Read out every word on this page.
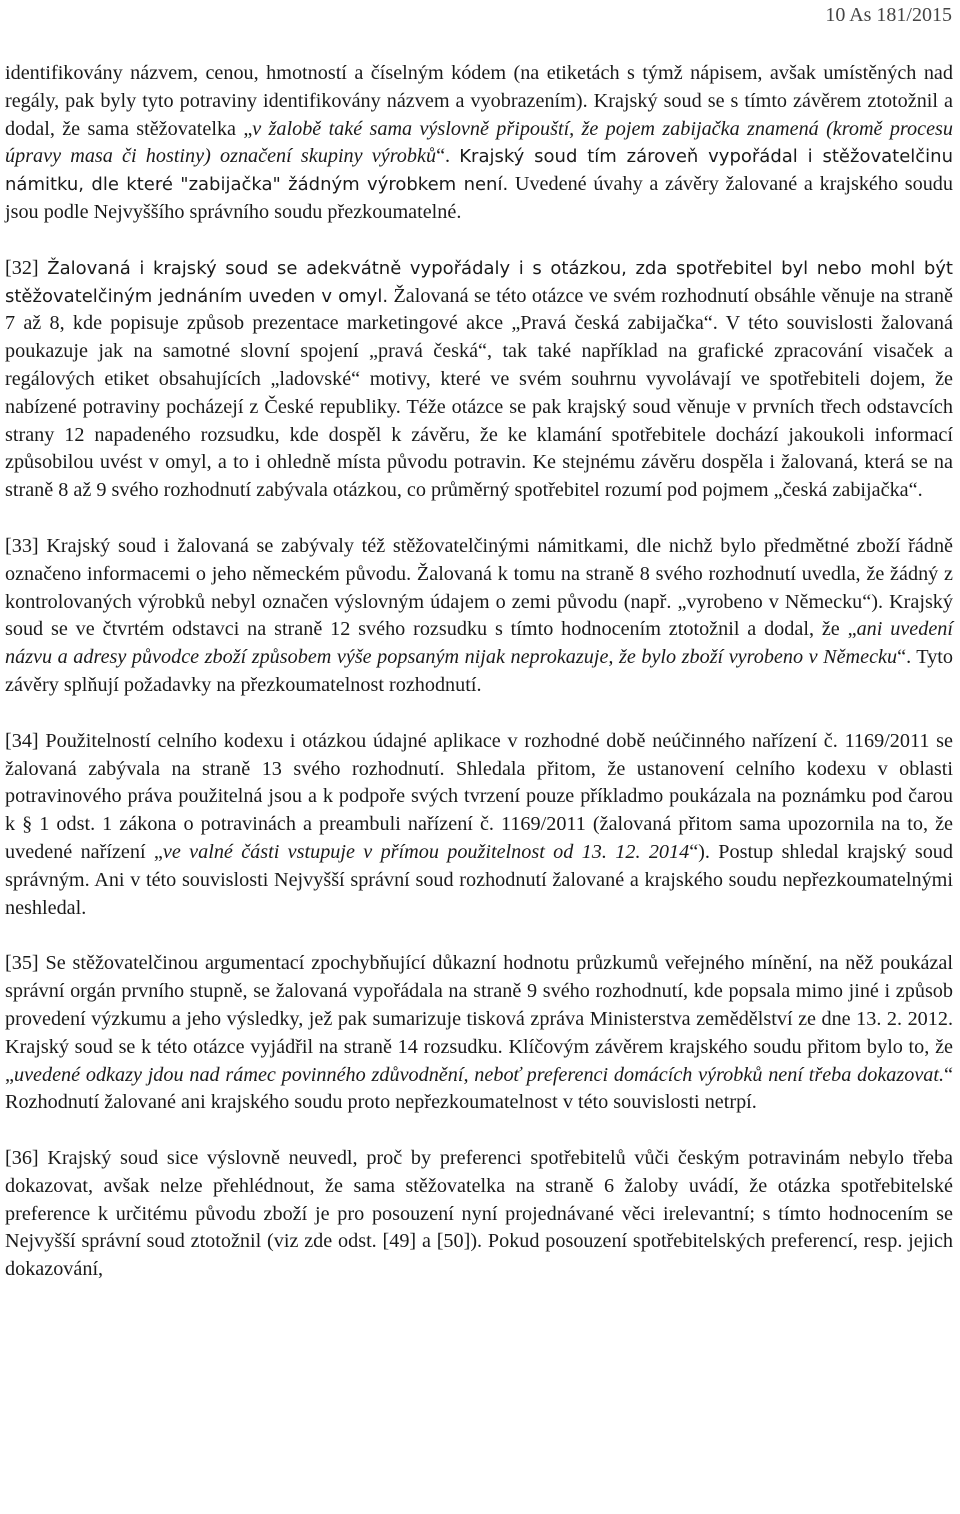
10 As 181/2015

identifikovány názvem, cenou, hmotností a číselným kódem (na etiketách s týmž nápisem, avšak umístěných nad regály, pak byly tyto potraviny identifikovány názvem a vyobrazením). Krajský soud se s tímto závěrem ztotožnil a dodal, že sama stěžovatelka „v žalobě také sama výslovně připouští, že pojem zabijačka znamená (kromě procesu úpravy masa či hostiny) označení skupiny výrobků“. Krajský soud tím zároveň vypořádal i stěžovatelčinu námitku, dle které "zabijačka" žádným výrobkem není. Uvedené úvahy a závěry žalované a krajského soudu jsou podle Nejvyššího správního soudu přezkoumatelné.

[32] Žalovaná i krajský soud se adekvátně vypořádaly i s otázkou, zda spotřebitel byl nebo mohl být stěžovatelčiným jednáním uveden v omyl. Žalovaná se této otázce ve svém rozhodnutí obsáhle věnuje na straně 7 až 8, kde popisuje způsob prezentace marketingové akce „Pravá česká zabijačka“. V této souvislosti žalovaná poukazuje jak na samotné slovní spojení „pravá česká“, tak také například na grafické zpracování visaček a regálových etiket obsahujících „ladovské“ motivy, které ve svém souhrnu vyvolávají ve spotřebiteli dojem, že nabízené potraviny pocházejí z České republiky. Téže otázce se pak krajský soud věnuje v prvních třech odstavcích strany 12 napadeného rozsudku, kde dospěl k závěru, že ke klamání spotřebitele dochází jakoukoli informací způsobilou uvést v omyl, a to i ohledně místa původu potravin. Ke stejnému závěru dospěla i žalovaná, která se na straně 8 až 9 svého rozhodnutí zabývala otázkou, co průměrný spotřebitel rozumí pod pojmem „česká zabijačka“.

[33] Krajský soud i žalovaná se zabývaly též stěžovatelčinými námitkami, dle nichž bylo předmětné zboží řádně označeno informacemi o jeho německém původu. Žalovaná k tomu na straně 8 svého rozhodnutí uvedla, že žádný z kontrolovaných výrobků nebyl označen výslovným údajem o zemi původu (např. „vyrobeno v Německu“). Krajský soud se ve čtvrtém odstavci na straně 12 svého rozsudku s tímto hodnocením ztotožnil a dodal, že „ani uvedení názvu a adresy původce zboží způsobem výše popsaným nijak neprokazuje, že bylo zboží vyrobeno v Německu“. Tyto závěry splňují požadavky na přezkoumatelnost rozhodnutí.

[34] Použitelností celního kodexu i otázkou údajné aplikace v rozhodné době neúčinného nařízení č. 1169/2011 se žalovaná zabývala na straně 13 svého rozhodnutí. Shledala přitom, že ustanovení celního kodexu v oblasti potravinového práva použitelná jsou a k podpoře svých tvrzení pouze příkladmo poukázala na poznámku pod čarou k § 1 odst. 1 zákona o potravinách a preambuli nařízení č. 1169/2011 (žalovaná přitom sama upozornila na to, že uvedené nařízení „ve valné části vstupuje v přímou použitelnost od 13. 12. 2014“). Postup shledal krajský soud správným. Ani v této souvislosti Nejvyšší správní soud rozhodnutí žalované a krajského soudu nepřezkoumatelnými neshledal.

[35] Se stěžovatelčinou argumentací zpochybňující důkazní hodnotu průzkumů veřejného mínění, na něž poukázal správní orgán prvního stupně, se žalovaná vypořádala na straně 9 svého rozhodnutí, kde popsala mimo jiné i způsob provedení výzkumu a jeho výsledky, jež pak sumarizuje tisková zpráva Ministerstva zemědělství ze dne 13. 2. 2012. Krajský soud se k této otázce vyjádřil na straně 14 rozsudku. Klíčovým závěrem krajského soudu přitom bylo to, že „uvedené odkazy jdou nad rámec povinného zdůvodnění, neboť preferenci domácích výrobků není třeba dokazovat.“ Rozhodnutí žalované ani krajského soudu proto nepřezkoumatelnost v této souvislosti netrpí.

[36] Krajský soud sice výslovně neuvedl, proč by preferenci spotřebitelů vůči českým potravinám nebylo třeba dokazovat, avšak nelze přehlédnout, že sama stěžovatelka na straně 6 žaloby uvádí, že otázka spotřebitelské preference k určitému původu zboží je pro posouzení nyní projednávané věci irelevantní; s tímto hodnocením se Nejvyšší správní soud ztotožnil (viz zde odst. [49] a [50]). Pokud posouzení spotřebitelských preferencí, resp. jejich dokazování,
